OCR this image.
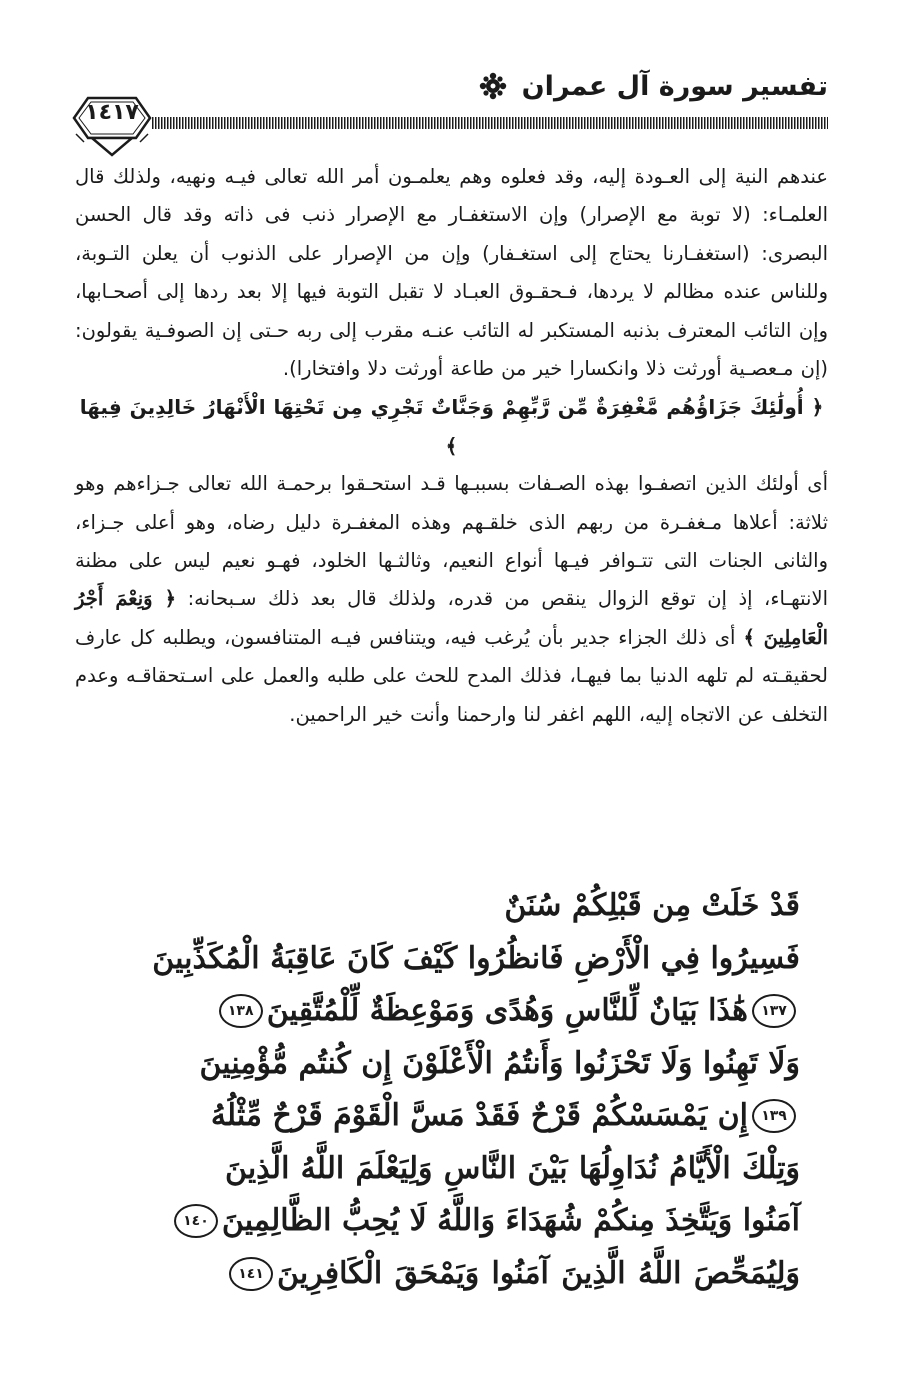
تفسير سورة آل عمران
١٤١٧

عندهم النية إلى العـودة إليه، وقد فعلوه وهم يعلمـون أمر الله تعالى فيـه ونهيه، ولذلك قال العلمـاء: (لا توبة مع الإصرار) وإن الاستغفـار مع الإصرار ذنب فى ذاته وقد قال الحسن البصرى: (استغفـارنا يحتاج إلى استغـفار) وإن من الإصرار على الذنوب أن يعلن التـوبة، وللناس عنده مظالم لا يردها، فـحقـوق العبـاد لا تقبل التوبة فيها إلا بعد ردها إلى أصحـابها، وإن التائب المعترف بذنبه المستكبر له التائب عنـه مقرب إلى ربه حـتى إن الصوفـية يقولون: (إن مـعصـية أورثت ذلا وانكسارا خير من طاعة أورثت دلا وافتخارا).

﴿ أُولَٰئِكَ جَزَاؤُهُم مَّغْفِرَةٌ مِّن رَّبِّهِمْ وَجَنَّاتٌ تَجْرِي مِن تَحْتِهَا الْأَنْهَارُ خَالِدِينَ فِيهَا ﴾

أى أولئك الذين اتصفـوا بهذه الصـفات بسببـها قـد استحـقوا برحمـة الله تعالى جـزاءهم وهو ثلاثة: أعلاها مـغفـرة من ربهم الذى خلقـهم وهذه المغفـرة دليل رضاه، وهو أعلى جـزاء، والثانى الجنات التى تتـوافر فيـها أنواع النعيم، وثالثـها الخلود، فهـو نعيم ليس على مظنة الانتهـاء، إذ إن توقع الزوال ينقص من قدره، ولذلك قال بعد ذلك سـبحانه: ﴿ وَنِعْمَ أَجْرُ الْعَامِلِينَ ﴾ أى ذلك الجزاء جدير بأن يُرغب فيه، ويتنافس فيـه المتنافسون، ويطلبه كل عارف لحقيقـته لم تلهه الدنيا بما فيهـا، فذلك المدح للحث على طلبه والعمل على اسـتحقاقـه وعدم التخلف عن الاتجاه إليه، اللهم اغفر لنا وارحمنا وأنت خير الراحمين.

قَدْ خَلَتْ مِن قَبْلِكُمْ سُنَنٌ
فَسِيرُوا فِي الْأَرْضِ فَانظُرُوا كَيْفَ كَانَ عَاقِبَةُ الْمُكَذِّبِينَ
١٣٧
هَٰذَا بَيَانٌ لِّلنَّاسِ وَهُدًى وَمَوْعِظَةٌ لِّلْمُتَّقِينَ
١٣٨
وَلَا تَهِنُوا وَلَا تَحْزَنُوا وَأَنتُمُ الْأَعْلَوْنَ إِن كُنتُم مُّؤْمِنِينَ
١٣٩
إِن يَمْسَسْكُمْ قَرْحٌ فَقَدْ مَسَّ الْقَوْمَ قَرْحٌ مِّثْلُهُ
وَتِلْكَ الْأَيَّامُ نُدَاوِلُهَا بَيْنَ النَّاسِ وَلِيَعْلَمَ اللَّهُ الَّذِينَ
آمَنُوا وَيَتَّخِذَ مِنكُمْ شُهَدَاءَ وَاللَّهُ لَا يُحِبُّ الظَّالِمِينَ
١٤٠
وَلِيُمَحِّصَ اللَّهُ الَّذِينَ آمَنُوا وَيَمْحَقَ الْكَافِرِينَ
١٤١
